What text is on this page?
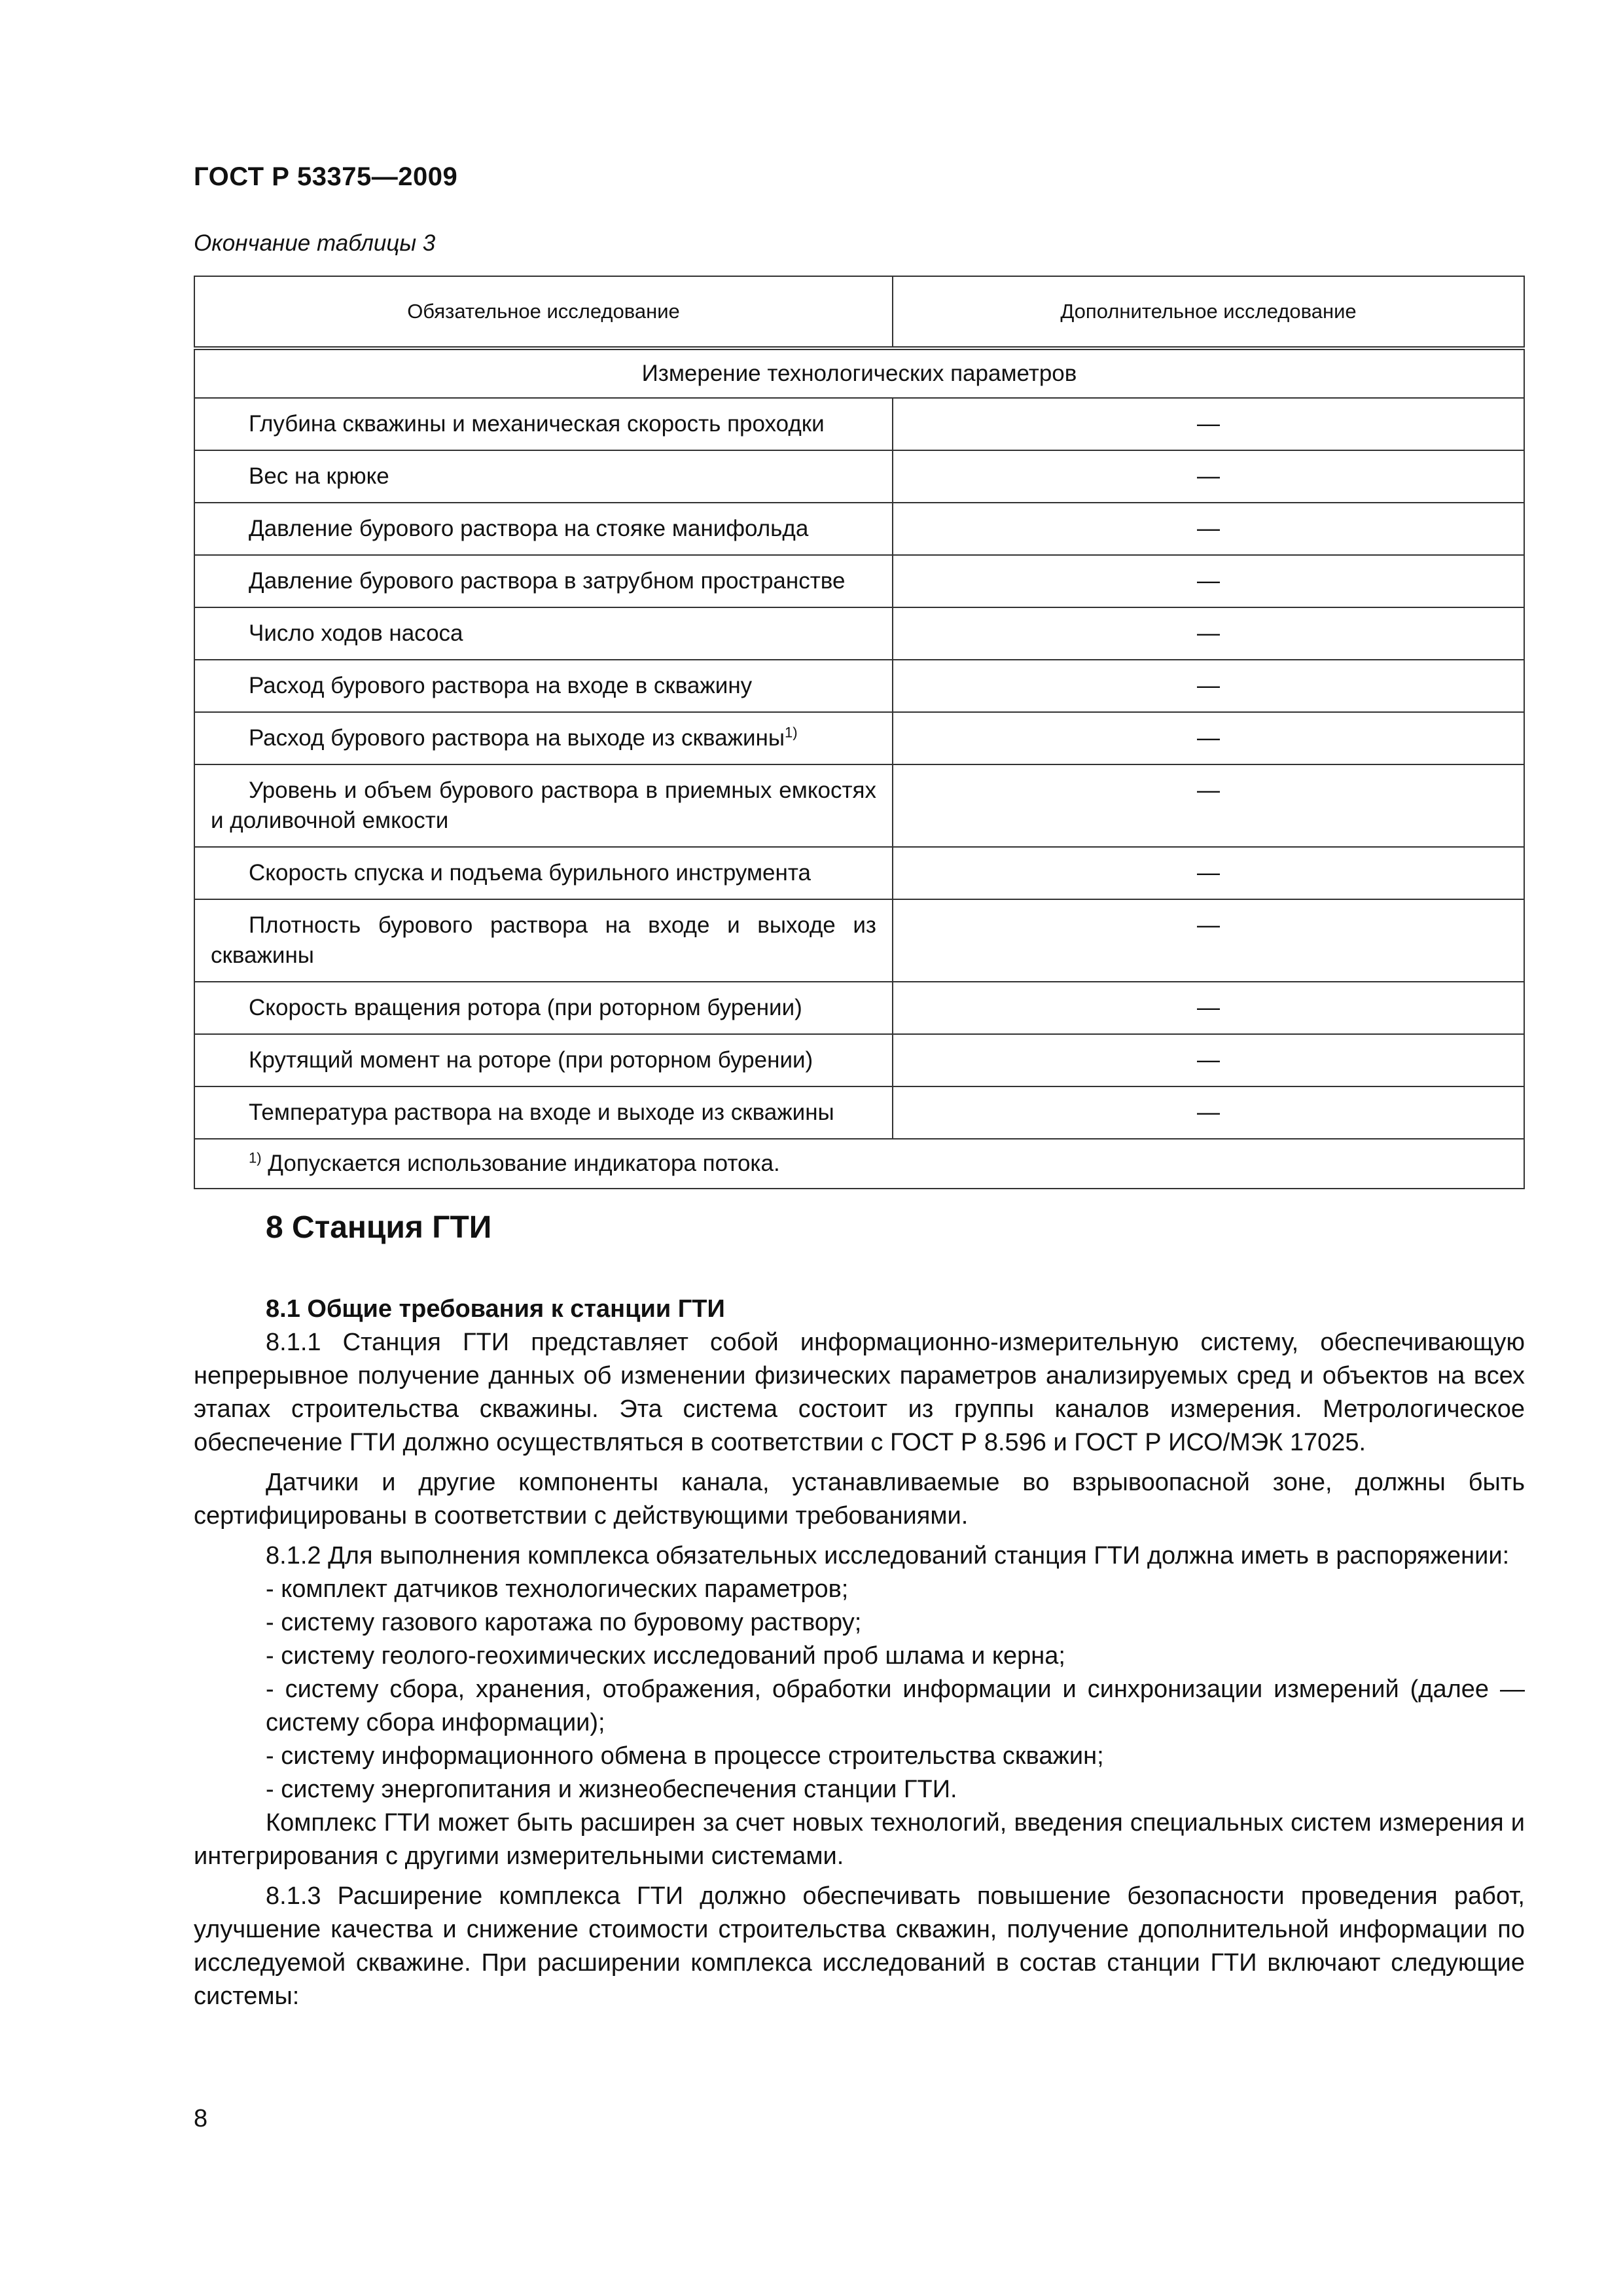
ГОСТ Р 53375—2009
Окончание таблицы 3
Обязательное исследование	Дополнительное исследование
Измерение технологических параметров	
Глубина скважины и механическая скорость проходки	—
Вес на крюке	—
Давление бурового раствора на стояке манифольда	—
Давление бурового раствора в затрубном пространстве	—
Число ходов насоса	—
Расход бурового раствора на входе в скважину	—
Расход бурового раствора на выходе из скважины$^{1)}$	—
Уровень и объем бурового раствора в приемных емкостях и доливочной емкости	—
Скорость спуска и подъема бурильного инструмента	—
Плотность бурового раствора на входе и выходе из скважины	—
Скорость вращения ротора (при роторном бурении)	—
Крутящий момент на роторе (при роторном бурении)	—
Температура раствора на входе и выходе из скважины	—
$^{1)}$ Допускается использование индикатора потока.	
8 Станция ГТИ
8.1 Общие требования к станции ГТИ

8.1.1 Станция ГТИ представляет собой информационно-измерительную систему, обеспечивающую непрерывное получение данных об изменении физических параметров анализируемых сред и объектов на всех этапах строительства скважины. Эта система состоит из группы каналов измерения. Метрологическое обеспечение ГТИ должно осуществляться в соответствии с ГОСТ Р 8.596 и ГОСТ Р ИСО/МЭК 17025.

Датчики и другие компоненты канала, устанавливаемые во взрывоопасной зоне, должны быть сертифицированы в соответствии с действующими требованиями.

8.1.2 Для выполнения комплекса обязательных исследований станция ГТИ должна иметь в распоряжении:

- комплект датчиков технологических параметров;
- систему газового каротажа по буровому раствору;
- систему геолого-геохимических исследований проб шлама и керна;
- систему сбора, хранения, отображения, обработки информации и синхронизации измерений (далее — систему сбора информации);
- систему информационного обмена в процессе строительства скважин;
- систему энергопитания и жизнеобеспечения станции ГТИ.

Комплекс ГТИ может быть расширен за счет новых технологий, введения специальных систем измерения и интегрирования с другими измерительными системами.

8.1.3 Расширение комплекса ГТИ должно обеспечивать повышение безопасности проведения работ, улучшение качества и снижение стоимости строительства скважин, получение дополнительной информации по исследуемой скважине. При расширении комплекса исследований в состав станции ГТИ включают следующие системы:

8
